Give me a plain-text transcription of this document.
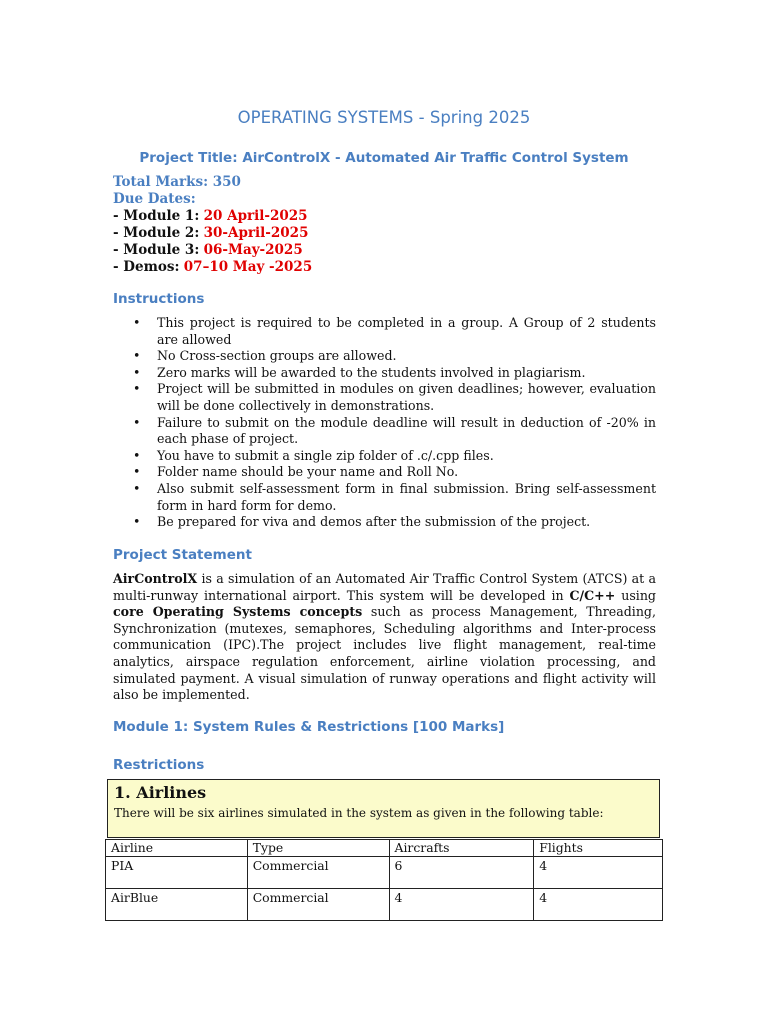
OPERATING SYSTEMS - Spring 2025
Project Title: AirControlX - Automated Air Traffic Control System
Total Marks: 350
Due Dates:
- Module 1: 20 April-2025
- Module 2: 30-April-2025
- Module 3: 06-May-2025
- Demos: 07–10 May -2025
Instructions
• This project is required to be completed in a group. A Group of 2 students are allowed
• No Cross-section groups are allowed.
• Zero marks will be awarded to the students involved in plagiarism.
• Project will be submitted in modules on given deadlines; however, evaluation will be done collectively in demonstrations.
• Failure to submit on the module deadline will result in deduction of -20% in each phase of project.
• You have to submit a single zip folder of .c/.cpp files.
• Folder name should be your name and Roll No.
• Also submit self-assessment form in final submission. Bring self-assessment form in hard form for demo.
• Be prepared for viva and demos after the submission of the project.
Project Statement
AirControlX is a simulation of an Automated Air Traffic Control System (ATCS) at a multi-runway international airport. This system will be developed in C/C++ using core Operating Systems concepts such as process Management, Threading, Synchronization (mutexes, semaphores, Scheduling algorithms and Inter-process communication (IPC).The project includes live flight management, real-time analytics, airspace regulation enforcement, airline violation processing, and simulated payment. A visual simulation of runway operations and flight activity will also be implemented.
Module 1: System Rules & Restrictions [100 Marks]
Restrictions
1. Airlines
There will be six airlines simulated in the system as given in the following table:
Airline	Type	Aircrafts	Flights
PIA	Commercial	6	4
AirBlue	Commercial	4	4
